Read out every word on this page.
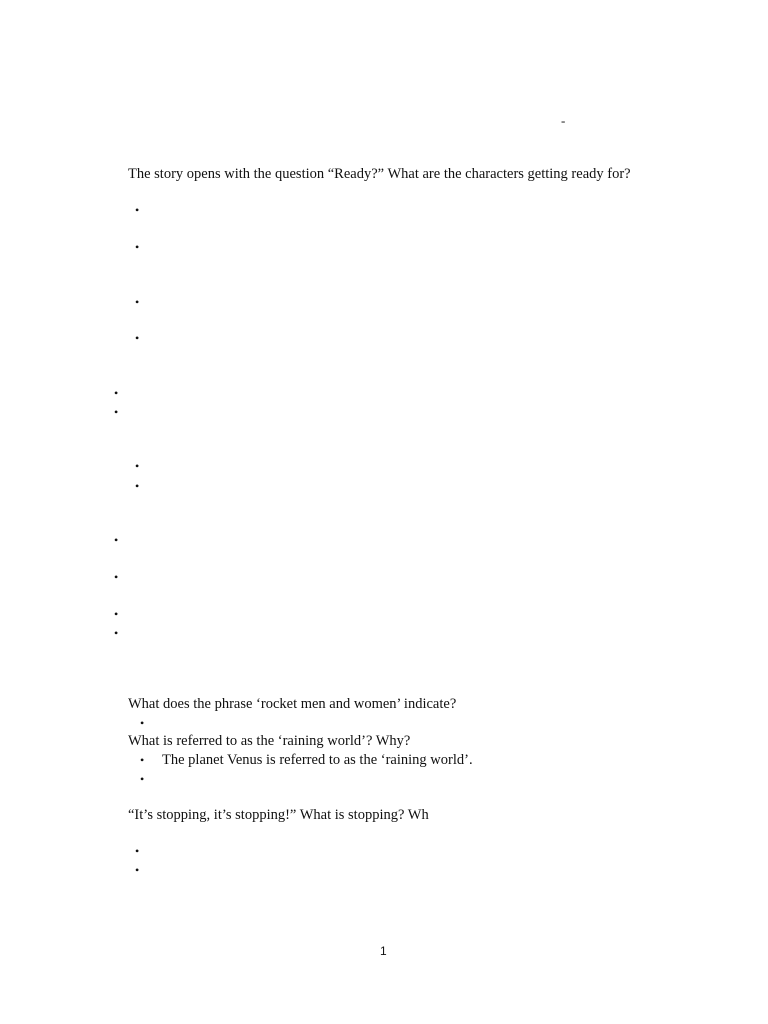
-
The story opens with the question “Ready?” What are the characters getting ready for?
•
•
•
•
•
•
•
•
•
•
•
•
What does the phrase ‘rocket men and women’ indicate?
•
What is referred to as the ‘raining world’? Why?
• The planet Venus is referred to as the ‘raining world’.
•
“It’s stopping, it’s stopping!” What is stopping? Wh
•
•
1
